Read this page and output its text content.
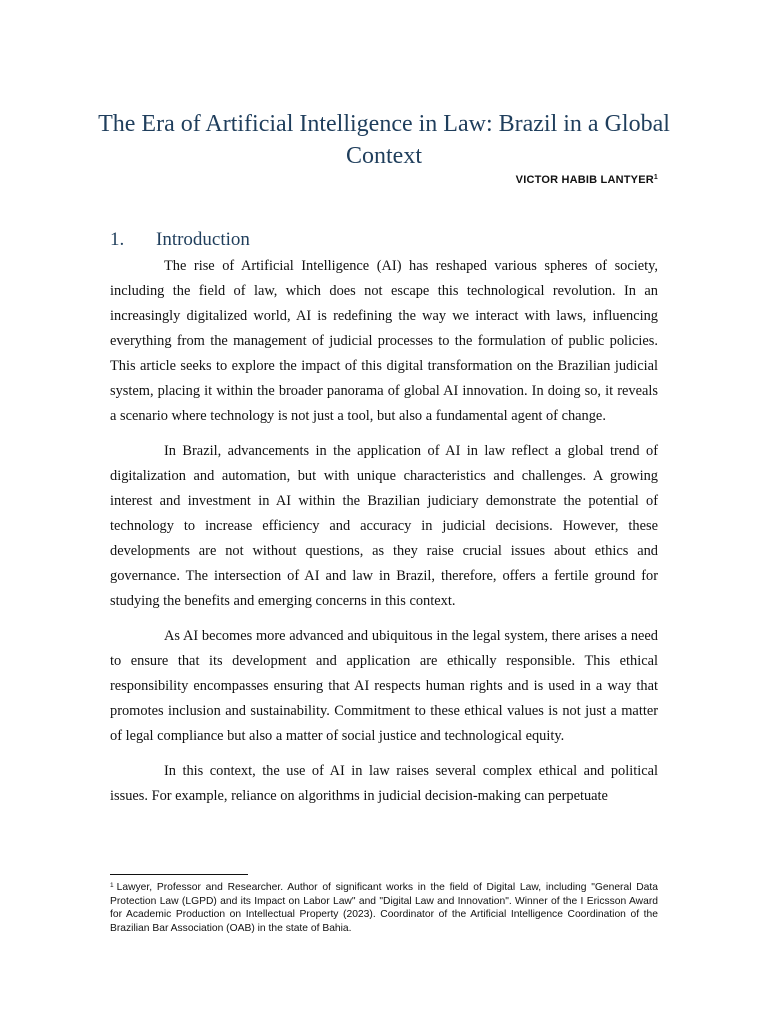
The Era of Artificial Intelligence in Law: Brazil in a Global Context
VICTOR HABIB LANTYER$^1$
1. Introduction

The rise of Artificial Intelligence (AI) has reshaped various spheres of society, including the field of law, which does not escape this technological revolution. In an increasingly digitalized world, AI is redefining the way we interact with laws, influencing everything from the management of judicial processes to the formulation of public policies. This article seeks to explore the impact of this digital transformation on the Brazilian judicial system, placing it within the broader panorama of global AI innovation. In doing so, it reveals a scenario where technology is not just a tool, but also a fundamental agent of change.

In Brazil, advancements in the application of AI in law reflect a global trend of digitalization and automation, but with unique characteristics and challenges. A growing interest and investment in AI within the Brazilian judiciary demonstrate the potential of technology to increase efficiency and accuracy in judicial decisions. However, these developments are not without questions, as they raise crucial issues about ethics and governance. The intersection of AI and law in Brazil, therefore, offers a fertile ground for studying the benefits and emerging concerns in this context.

As AI becomes more advanced and ubiquitous in the legal system, there arises a need to ensure that its development and application are ethically responsible. This ethical responsibility encompasses ensuring that AI respects human rights and is used in a way that promotes inclusion and sustainability. Commitment to these ethical values is not just a matter of legal compliance but also a matter of social justice and technological equity.

In this context, the use of AI in law raises several complex ethical and political issues. For example, reliance on algorithms in judicial decision-making can perpetuate

$^1$ Lawyer, Professor and Researcher. Author of significant works in the field of Digital Law, including "General Data Protection Law (LGPD) and its Impact on Labor Law" and "Digital Law and Innovation". Winner of the I Ericsson Award for Academic Production on Intellectual Property (2023). Coordinator of the Artificial Intelligence Coordination of the Brazilian Bar Association (OAB) in the state of Bahia.
